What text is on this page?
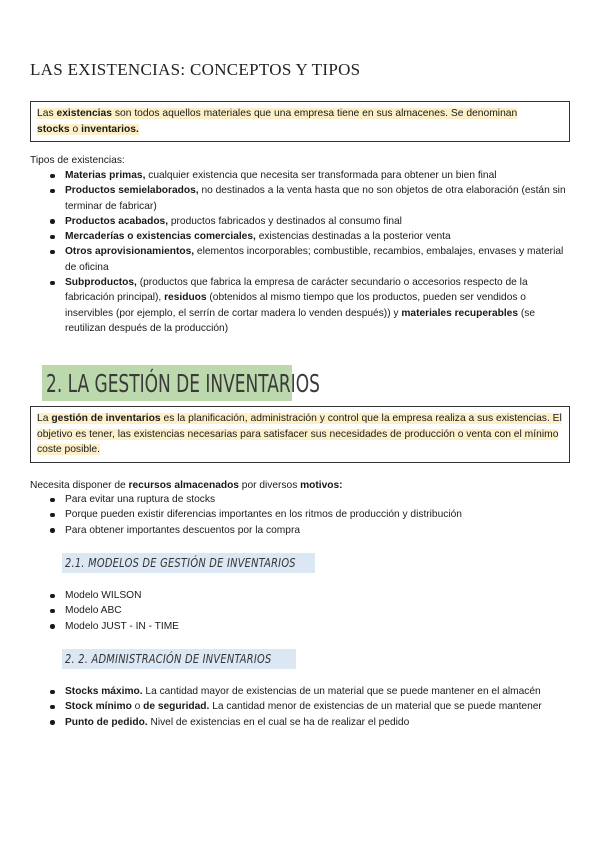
LAS EXISTENCIAS: CONCEPTOS Y TIPOS
Las existencias son todos aquellos materiales que una empresa tiene en sus almacenes. Se denominan
stocks o inventarios.
Tipos de existencias:
Materias primas, cualquier existencia que necesita ser transformada para obtener un bien final
Productos semielaborados, no destinados a la venta hasta que no son objetos de otra elaboración (están sin terminar de fabricar)
Productos acabados, productos fabricados y destinados al consumo final
Mercaderías o existencias comerciales, existencias destinadas a la posterior venta
Otros aprovisionamientos, elementos incorporables; combustible, recambios, embalajes, envases y material de oficina
Subproductos, (productos que fabrica la empresa de carácter secundario o accesorios respecto de la fabricación principal), residuos (obtenidos al mismo tiempo que los productos, pueden ser vendidos o inservibles (por ejemplo, el serrín de cortar madera lo venden después)) y materiales recuperables (se reutilizan después de la producción)
2. LA GESTIÓN DE INVENTARIOS
La gestión de inventarios es la planificación, administración y control que la empresa realiza a sus existencias. El objetivo es tener, las existencias necesarias para satisfacer sus necesidades de producción o venta con el mínimo coste posible.
Necesita disponer de recursos almacenados por diversos motivos:
Para evitar una ruptura de stocks
Porque pueden existir diferencias importantes en los ritmos de producción y distribución
Para obtener importantes descuentos por la compra
2.1. MODELOS DE GESTIÓN DE INVENTARIOS
Modelo WILSON
Modelo ABC
Modelo JUST - IN - TIME
2. 2. ADMINISTRACIÓN DE INVENTARIOS
Stocks máximo. La cantidad mayor de existencias de un material que se puede mantener en el almacén
Stock mínimo o de seguridad. La cantidad menor de existencias de un material que se puede mantener
Punto de pedido. Nivel de existencias en el cual se ha de realizar el pedido
